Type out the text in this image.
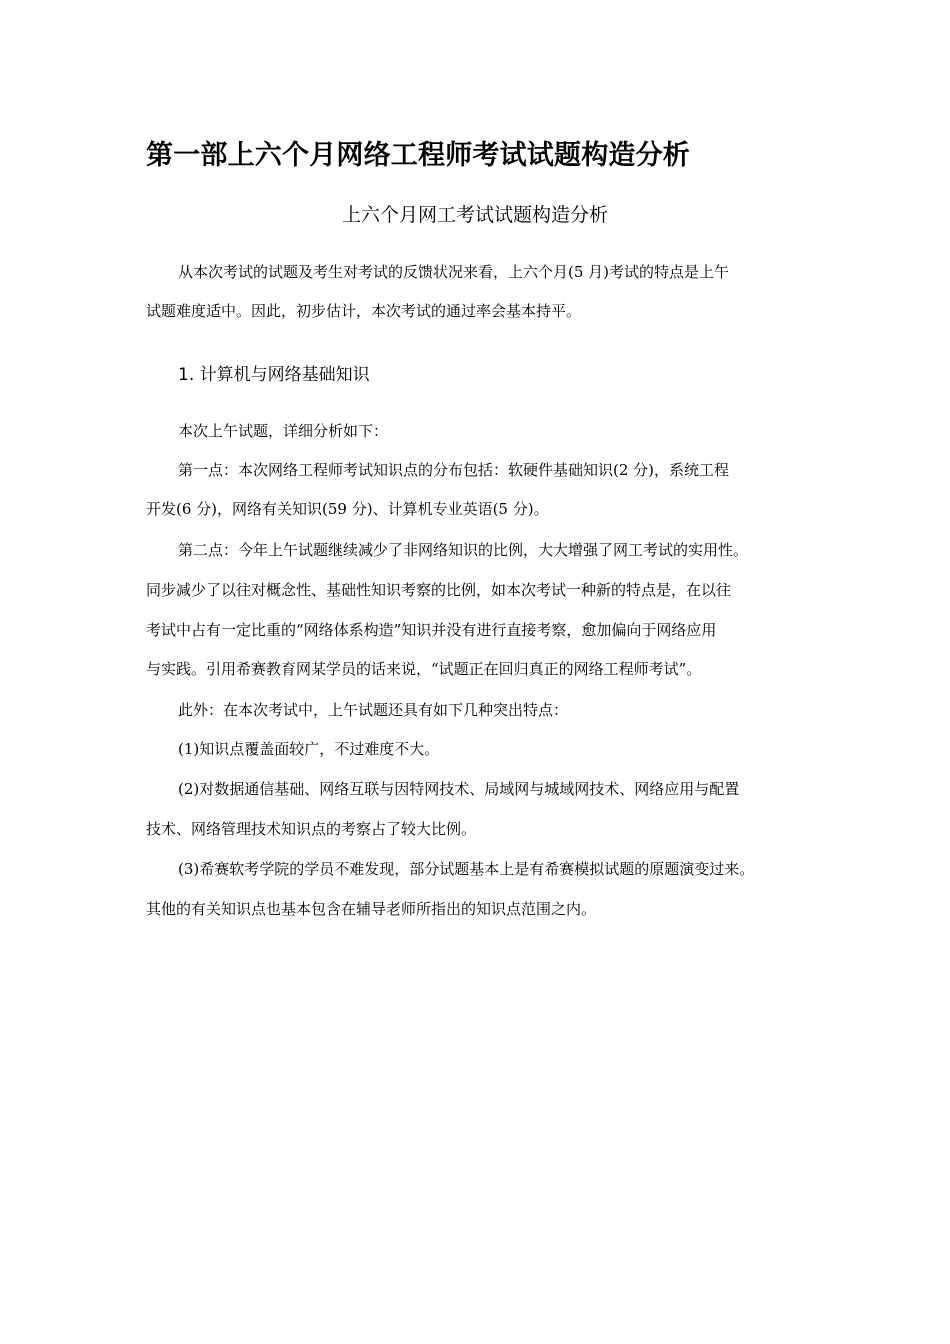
第一部上六个月网络工程师考试试题构造分析
上六个月网工考试试题构造分析
从本次考试的试题及考生对考试的反馈状况来看，上六个月(5 月)考试的特点是上午
试题难度适中。因此，初步估计，本次考试的通过率会基本持平。
1. 计算机与网络基础知识
本次上午试题，详细分析如下：
第一点：本次网络工程师考试知识点的分布包括：软硬件基础知识(2 分)，系统工程
开发(6 分)，网络有关知识(59 分)、计算机专业英语(5 分)。
第二点：今年上午试题继续减少了非网络知识的比例，大大增强了网工考试的实用性。
同步减少了以往对概念性、基础性知识考察的比例，如本次考试一种新的特点是，在以往
考试中占有一定比重的“网络体系构造”知识并没有进行直接考察，愈加偏向于网络应用
与实践。引用希赛教育网某学员的话来说，“试题正在回归真正的网络工程师考试”。
此外：在本次考试中，上午试题还具有如下几种突出特点：
(1)知识点覆盖面较广，不过难度不大。
(2)对数据通信基础、网络互联与因特网技术、局域网与城域网技术、网络应用与配置
技术、网络管理技术知识点的考察占了较大比例。
(3)希赛软考学院的学员不难发现，部分试题基本上是有希赛模拟试题的原题演变过来。
其他的有关知识点也基本包含在辅导老师所指出的知识点范围之内。
